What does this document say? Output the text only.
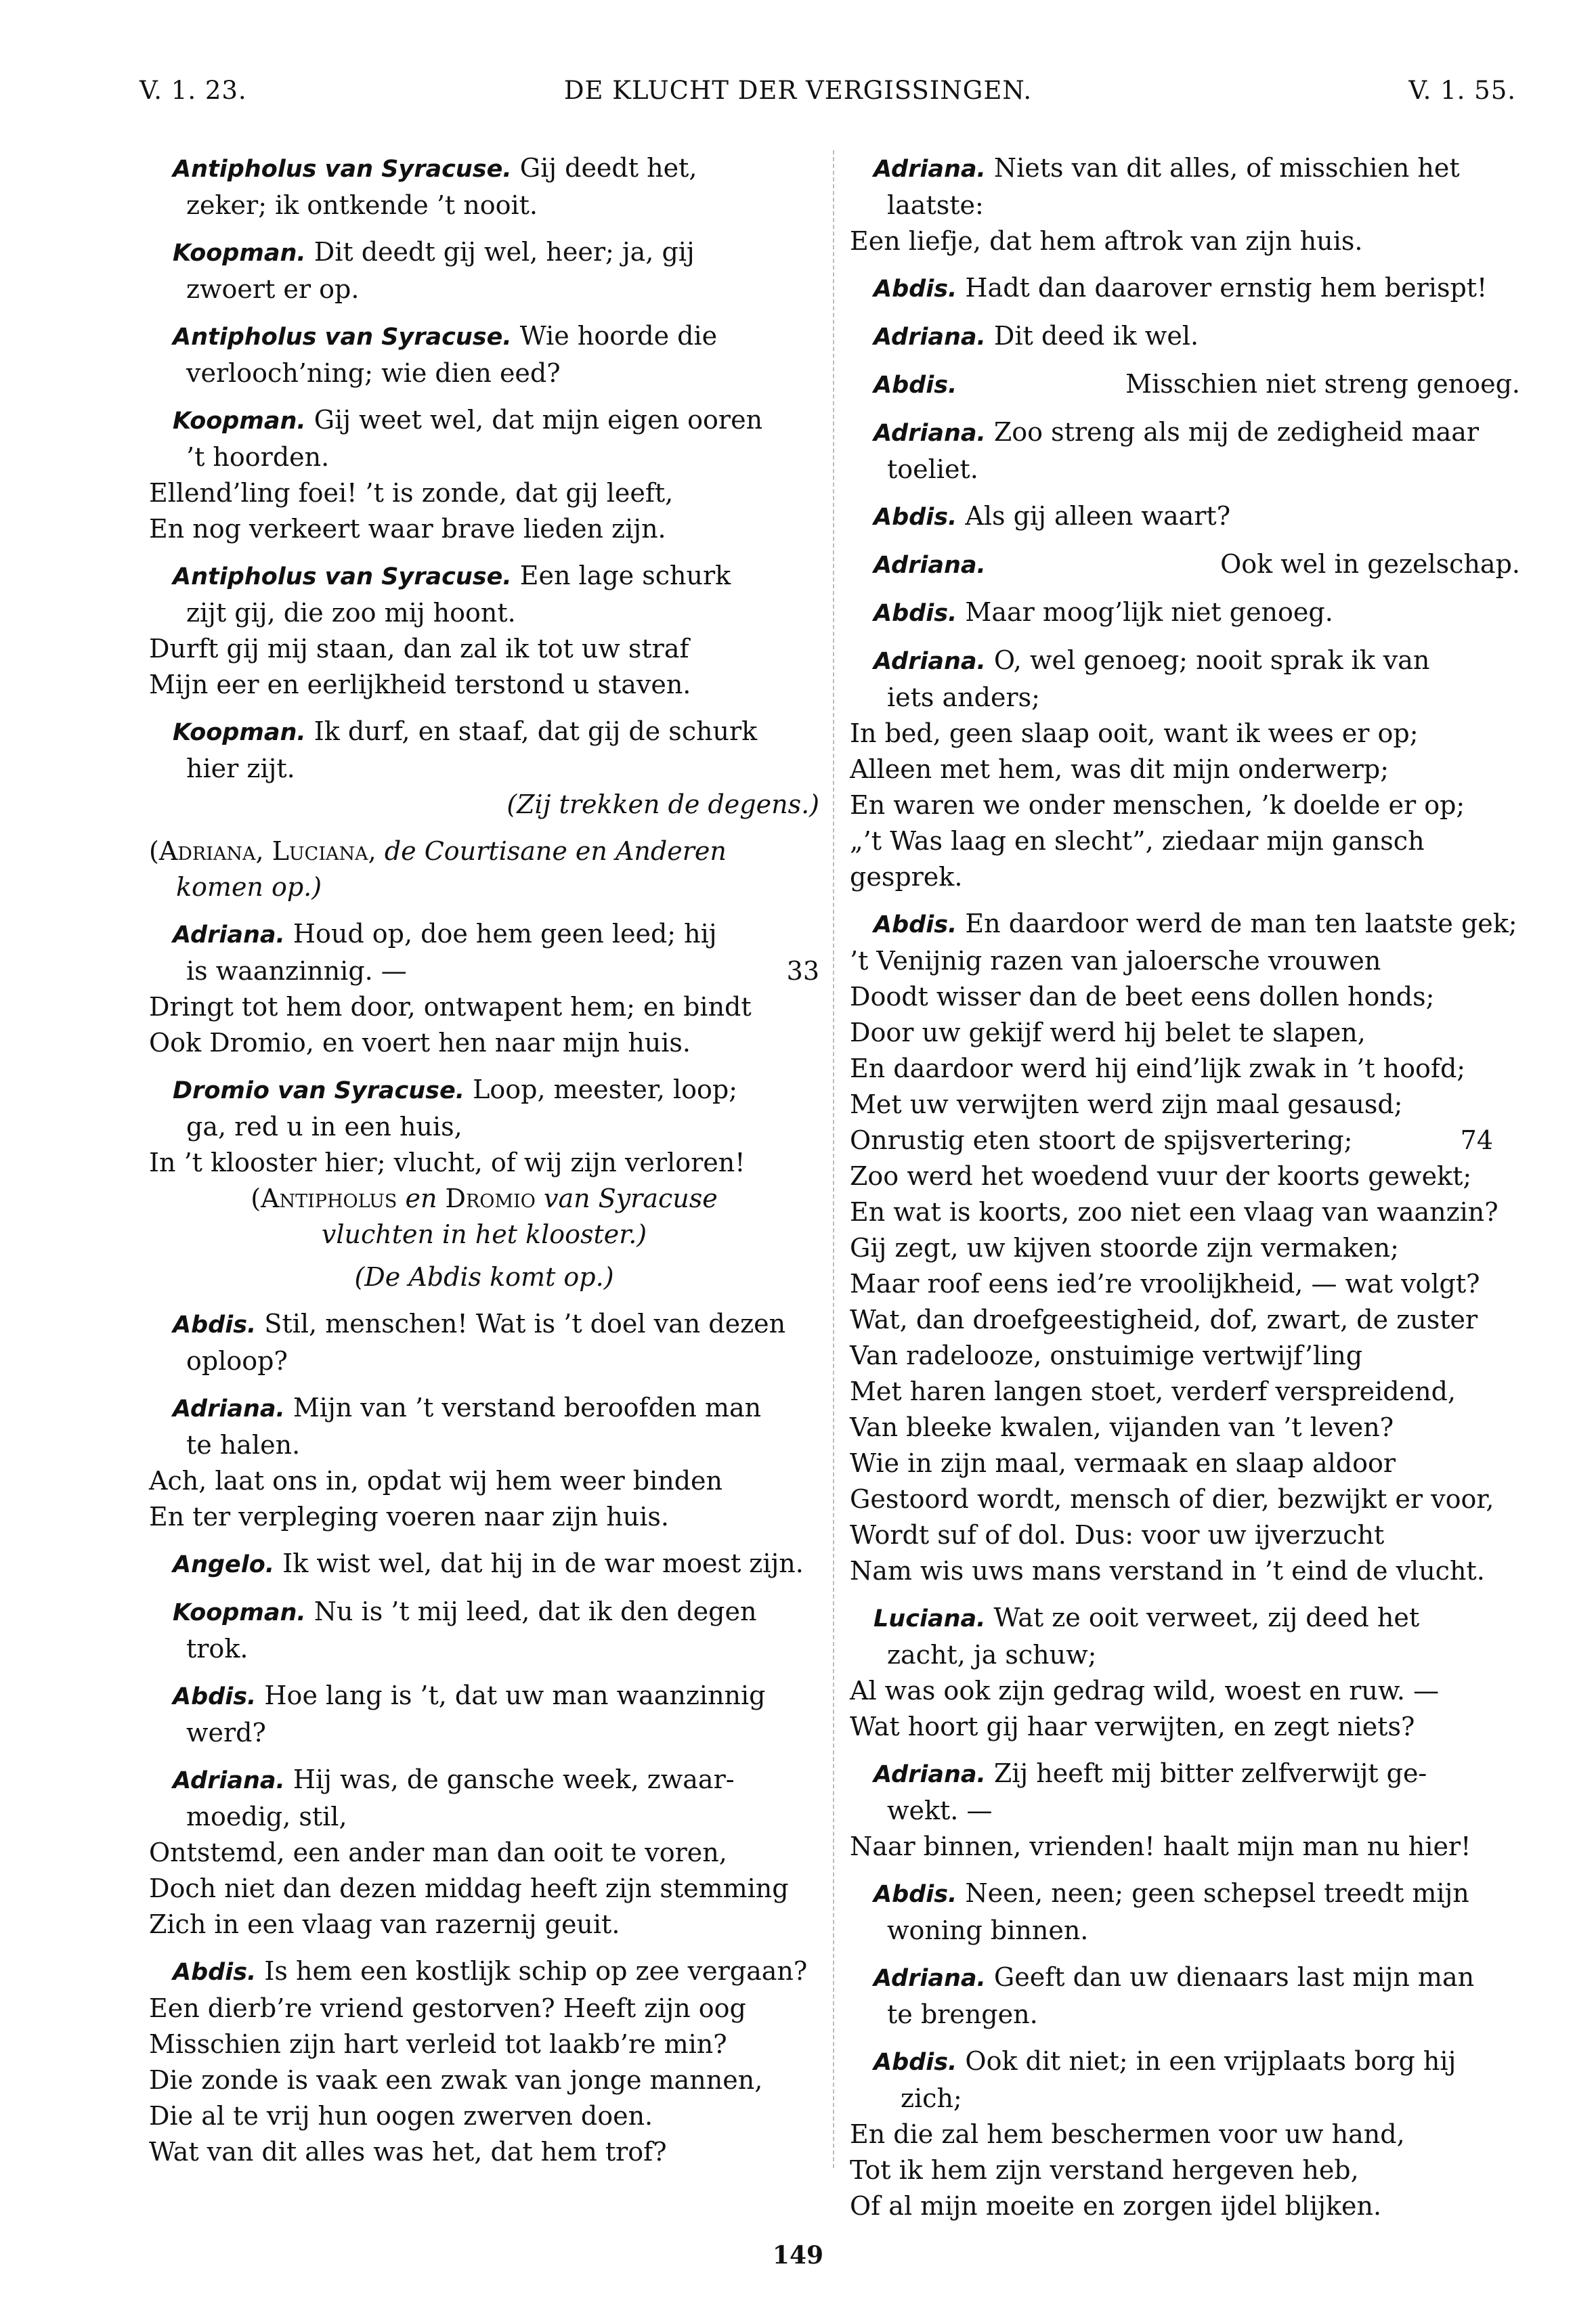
V. 1. 23.	DE KLUCHT DER VERGISSINGEN.	V. 1. 55.
Antipholus van Syracuse. Gij deedt het,
zeker; ik ontkende ’t nooit.
Koopman. Dit deedt gij wel, heer; ja, gij
zwoert er op.
Antipholus van Syracuse. Wie hoorde die
verlooch’ning; wie dien eed?
Koopman. Gij weet wel, dat mijn eigen ooren
’t hoorden.
Ellend’ling foei! ’t is zonde, dat gij leeft,
En nog verkeert waar brave lieden zijn.
Antipholus van Syracuse. Een lage schurk
zijt gij, die zoo mij hoont.
Durft gij mij staan, dan zal ik tot uw straf
Mijn eer en eerlijkheid terstond u staven.
Koopman. Ik durf, en staaf, dat gij de schurk
hier zijt.
(Zij trekken de degens.)
(Adriana, Luciana, de Courtisane en Anderen
komen op.)
Adriana. Houd op, doe hem geen leed; hij
is waanzinnig. —	33
Dringt tot hem door, ontwapent hem; en bindt
Ook Dromio, en voert hen naar mijn huis.
Dromio van Syracuse. Loop, meester, loop;
ga, red u in een huis,
In ’t klooster hier; vlucht, of wij zijn verloren!
(Antipholus en Dromio van Syracuse
vluchten in het klooster.)
(De Abdis komt op.)
Abdis. Stil, menschen! Wat is ’t doel van dezen
oploop?
Adriana. Mijn van ’t verstand beroofden man
te halen.
Ach, laat ons in, opdat wij hem weer binden
En ter verpleging voeren naar zijn huis.
Angelo. Ik wist wel, dat hij in de war moest zijn.
Koopman. Nu is ’t mij leed, dat ik den degen
trok.
Abdis. Hoe lang is ’t, dat uw man waanzinnig
werd?
Adriana. Hij was, de gansche week, zwaar-
moedig, stil,
Ontstemd, een ander man dan ooit te voren,
Doch niet dan dezen middag heeft zijn stemming
Zich in een vlaag van razernij geuit.
Abdis. Is hem een kostlijk schip op zee vergaan?
Een dierb’re vriend gestorven? Heeft zijn oog
Misschien zijn hart verleid tot laakb’re min?
Die zonde is vaak een zwak van jonge mannen,
Die al te vrij hun oogen zwerven doen.
Wat van dit alles was het, dat hem trof?
Adriana. Niets van dit alles, of misschien het
laatste:
Een liefje, dat hem aftrok van zijn huis.
Abdis. Hadt dan daarover ernstig hem berispt!
Adriana. Dit deed ik wel.
Abdis.	Misschien niet streng genoeg.
Adriana. Zoo streng als mij de zedigheid maar
toeliet.
Abdis. Als gij alleen waart?
Adriana.	Ook wel in gezelschap.
Abdis. Maar moog’lijk niet genoeg.
Adriana. O, wel genoeg; nooit sprak ik van
iets anders;
In bed, geen slaap ooit, want ik wees er op;
Alleen met hem, was dit mijn onderwerp;
En waren we onder menschen, ’k doelde er op;
„’t Was laag en slecht”, ziedaar mijn gansch gesprek.
Abdis. En daardoor werd de man ten laatste gek;
’t Venijnig razen van jaloersche vrouwen
Doodt wisser dan de beet eens dollen honds;
Door uw gekijf werd hij belet te slapen,
En daardoor werd hij eind’lijk zwak in ’t hoofd;
Met uw verwijten werd zijn maal gesausd;
Onrustig eten stoort de spijsvertering;	74
Zoo werd het woedend vuur der koorts gewekt;
En wat is koorts, zoo niet een vlaag van waanzin?
Gij zegt, uw kijven stoorde zijn vermaken;
Maar roof eens ied’re vroolijkheid, — wat volgt?
Wat, dan droefgeestigheid, dof, zwart, de zuster
Van radelooze, onstuimige vertwijf’ling
Met haren langen stoet, verderf verspreidend,
Van bleeke kwalen, vijanden van ’t leven?
Wie in zijn maal, vermaak en slaap aldoor
Gestoord wordt, mensch of dier, bezwijkt er voor,
Wordt suf of dol. Dus: voor uw ijverzucht
Nam wis uws mans verstand in ’t eind de vlucht.
Luciana. Wat ze ooit verweet, zij deed het
zacht, ja schuw;
Al was ook zijn gedrag wild, woest en ruw. —
Wat hoort gij haar verwijten, en zegt niets?
Adriana. Zij heeft mij bitter zelfverwijt ge-
wekt. —
Naar binnen, vrienden! haalt mijn man nu hier!
Abdis. Neen, neen; geen schepsel treedt mijn
woning binnen.
Adriana. Geeft dan uw dienaars last mijn man
te brengen.
Abdis. Ook dit niet; in een vrijplaats borg hij zich;
En die zal hem beschermen voor uw hand,
Tot ik hem zijn verstand hergeven heb,
Of al mijn moeite en zorgen ijdel blijken.
149
